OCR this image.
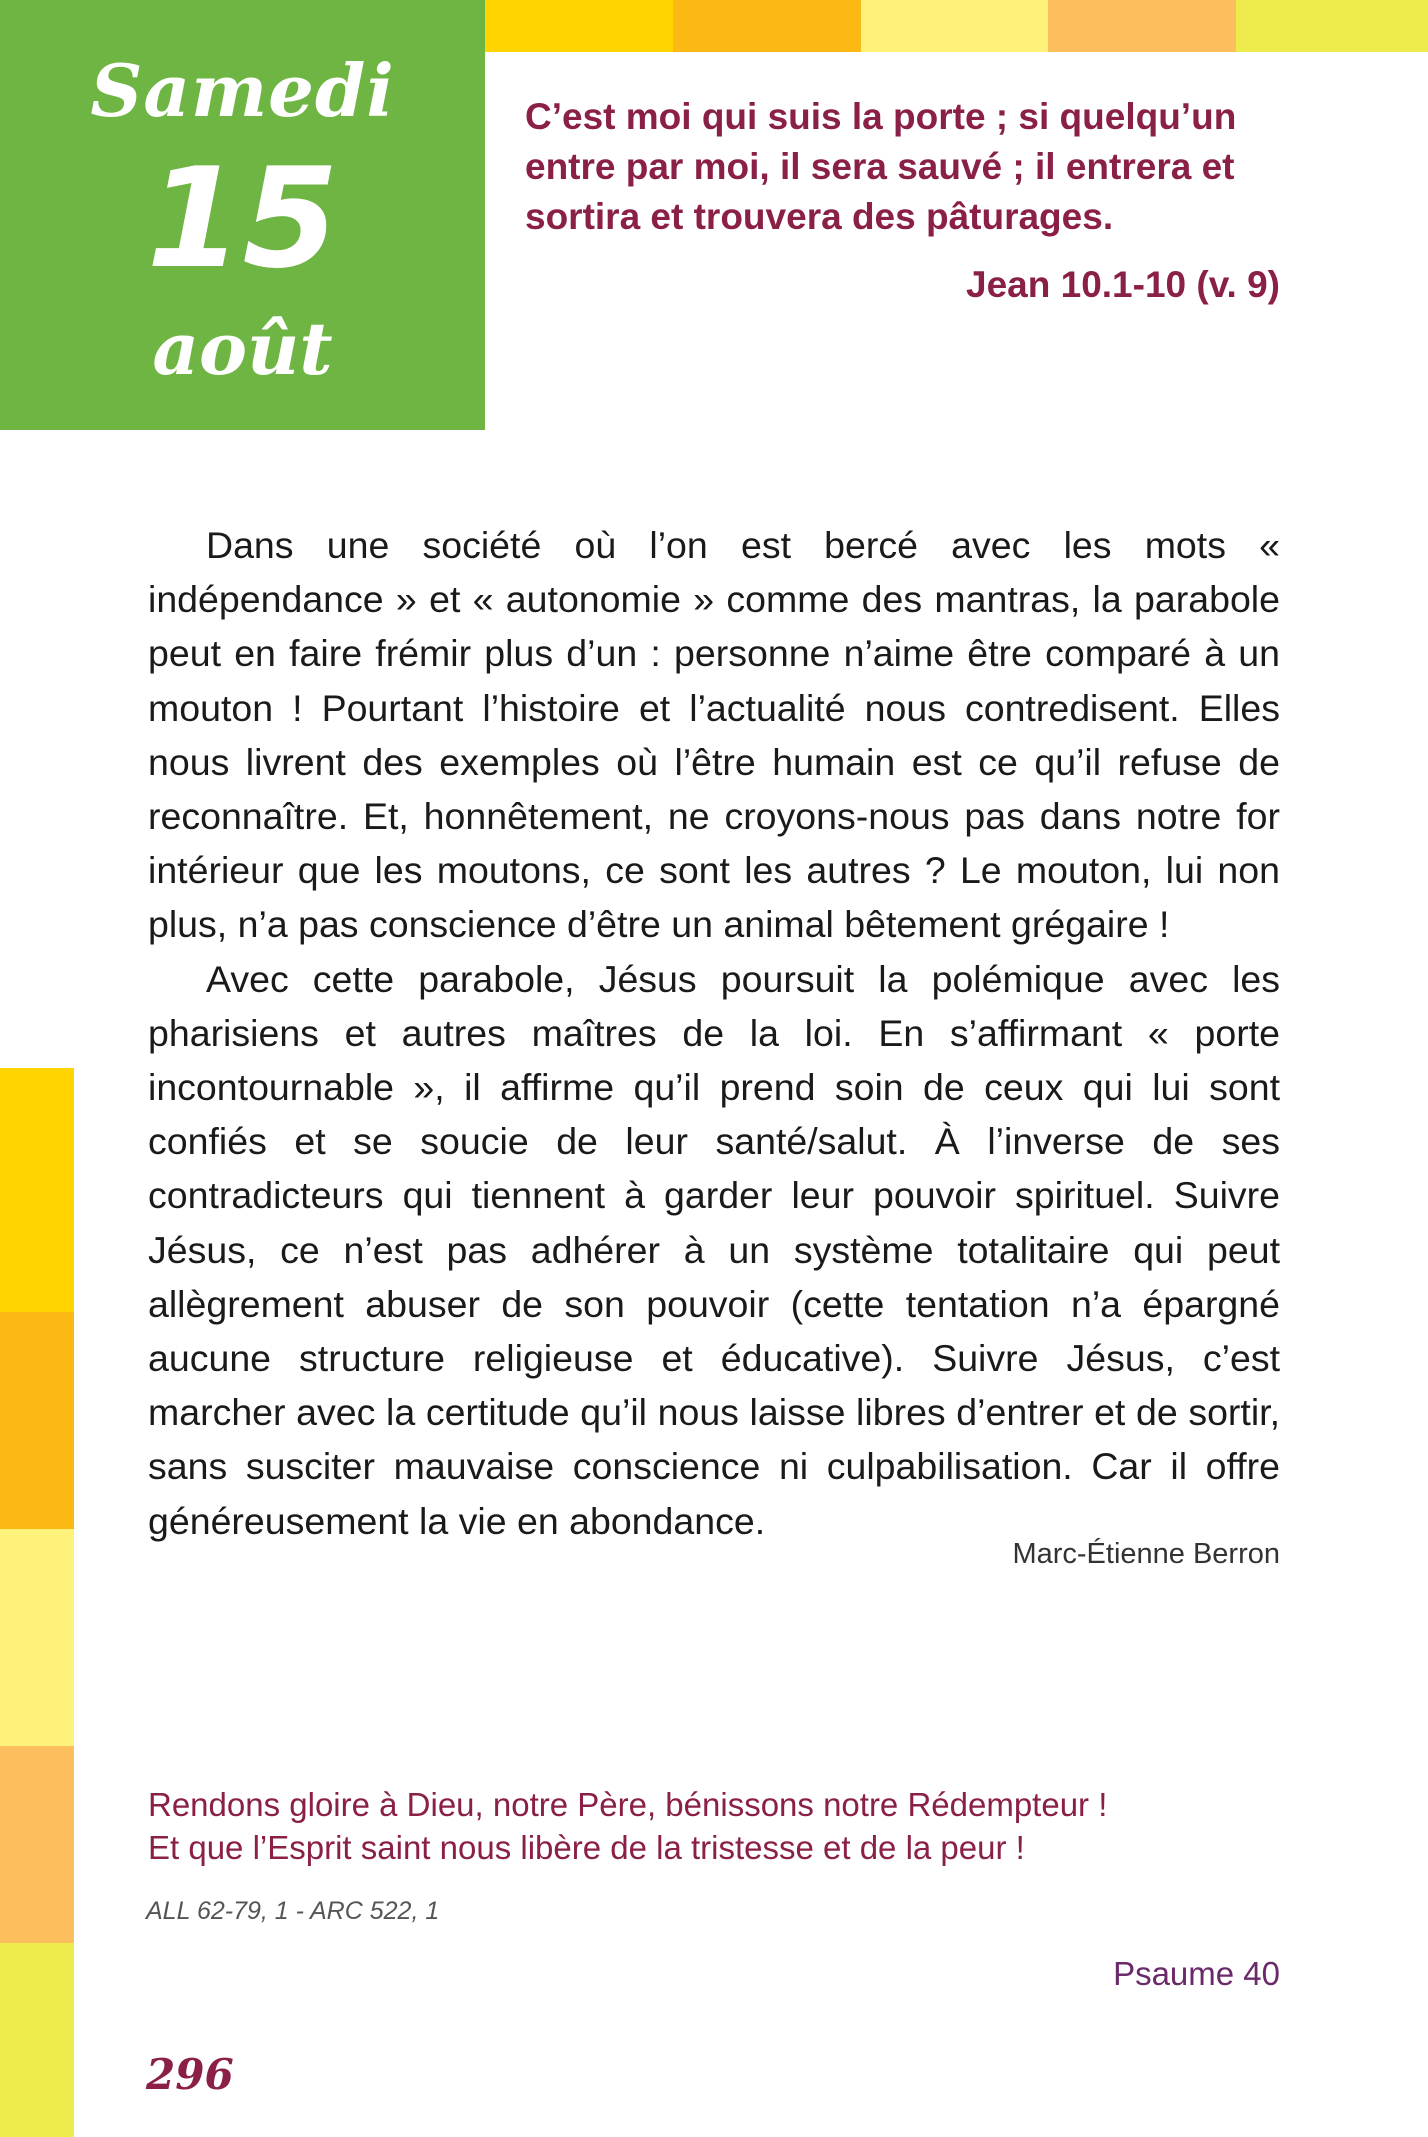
Samedi
15
août
C’est moi qui suis la porte ; si quelqu’un entre par moi, il sera sauvé ; il entrera et sortira et trouvera des pâturages.
Jean 10.1-10 (v. 9)

Dans une société où l’on est bercé avec les mots « indépendance » et « autonomie » comme des mantras, la parabole peut en faire frémir plus d’un : personne n’aime être comparé à un mouton ! Pourtant l’histoire et l’actualité nous contredisent. Elles nous livrent des exemples où l’être humain est ce qu’il refuse de reconnaître. Et, honnêtement, ne croyons-nous pas dans notre for intérieur que les moutons, ce sont les autres ? Le mouton, lui non plus, n’a pas conscience d’être un animal bêtement grégaire !

Avec cette parabole, Jésus poursuit la polémique avec les pharisiens et autres maîtres de la loi. En s’affirmant « porte incontournable », il affirme qu’il prend soin de ceux qui lui sont confiés et se soucie de leur santé/salut. À l’inverse de ses contradicteurs qui tiennent à garder leur pouvoir spirituel. Suivre Jésus, ce n’est pas adhérer à un système totalitaire qui peut allègrement abuser de son pouvoir (cette tentation n’a épargné aucune structure religieuse et éducative). Suivre Jésus, c’est marcher avec la certitude qu’il nous laisse libres d’entrer et de sortir, sans susciter mauvaise conscience ni culpabilisation. Car il offre généreusement la vie en abondance.

Marc-Étienne Berron
Rendons gloire à Dieu, notre Père, bénissons notre Rédempteur !
Et que l’Esprit saint nous libère de la tristesse et de la peur !
ALL 62-79, 1 - ARC 522, 1
Psaume 40
296
